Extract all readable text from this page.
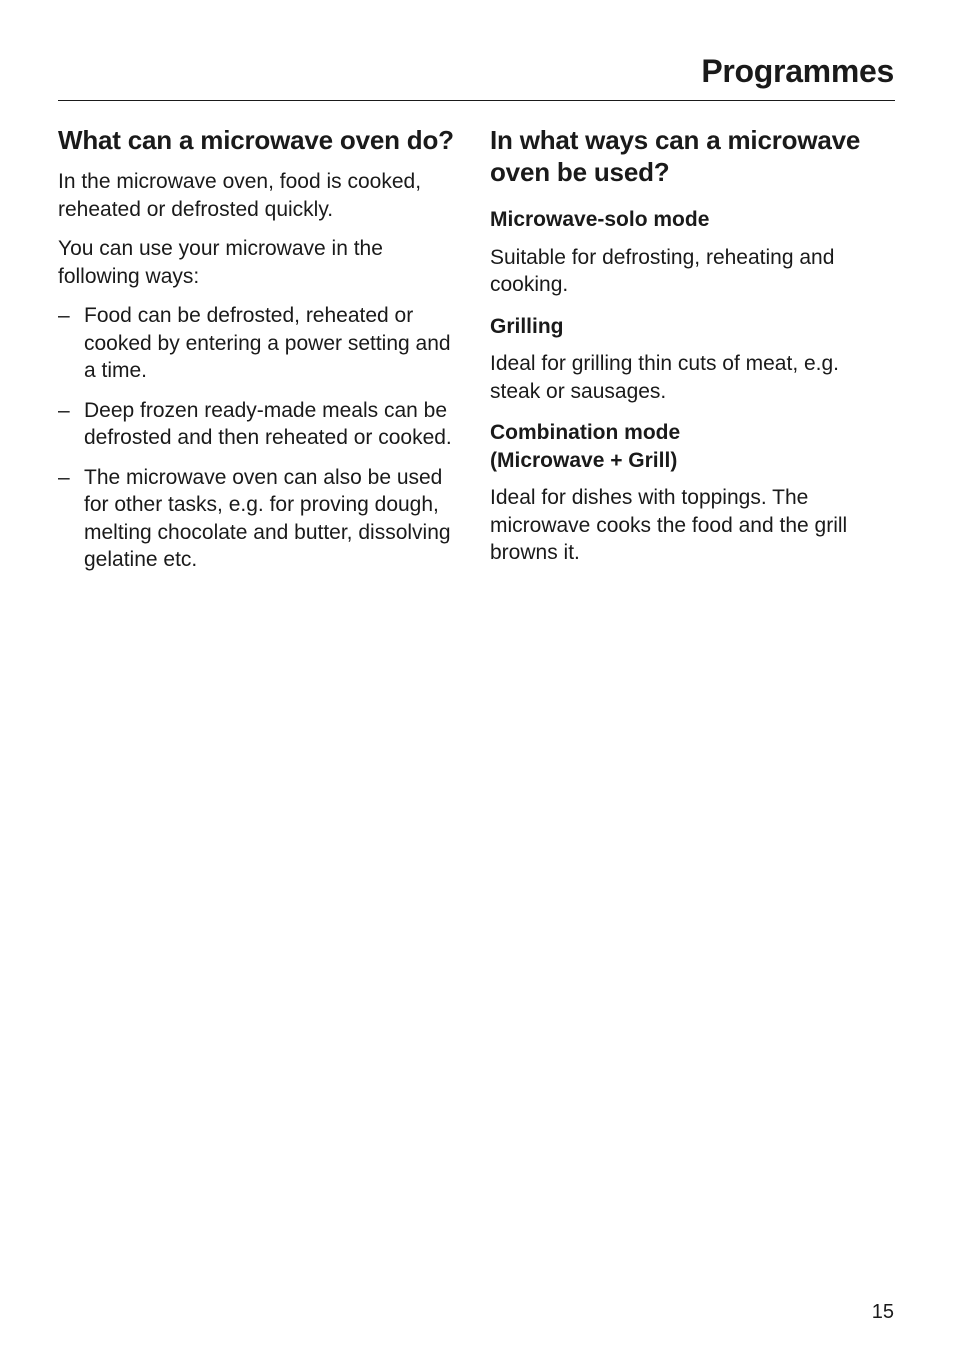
Programmes
What can a microwave oven do?

In the microwave oven, food is cooked, reheated or defrosted quickly.

You can use your microwave in the following ways:

– Food can be defrosted, reheated or cooked by entering a power setting and a time.
– Deep frozen ready-made meals can be defrosted and then reheated or cooked.
– The microwave oven can also be used for other tasks, e.g. for proving dough, melting chocolate and butter, dissolving gelatine etc.
In what ways can a microwave oven be used?
Microwave-solo mode

Suitable for defrosting, reheating and cooking.

Grilling

Ideal for grilling thin cuts of meat, e.g. steak or sausages.

Combination mode
(Microwave + Grill)

Ideal for dishes with toppings. The microwave cooks the food and the grill browns it.

15
